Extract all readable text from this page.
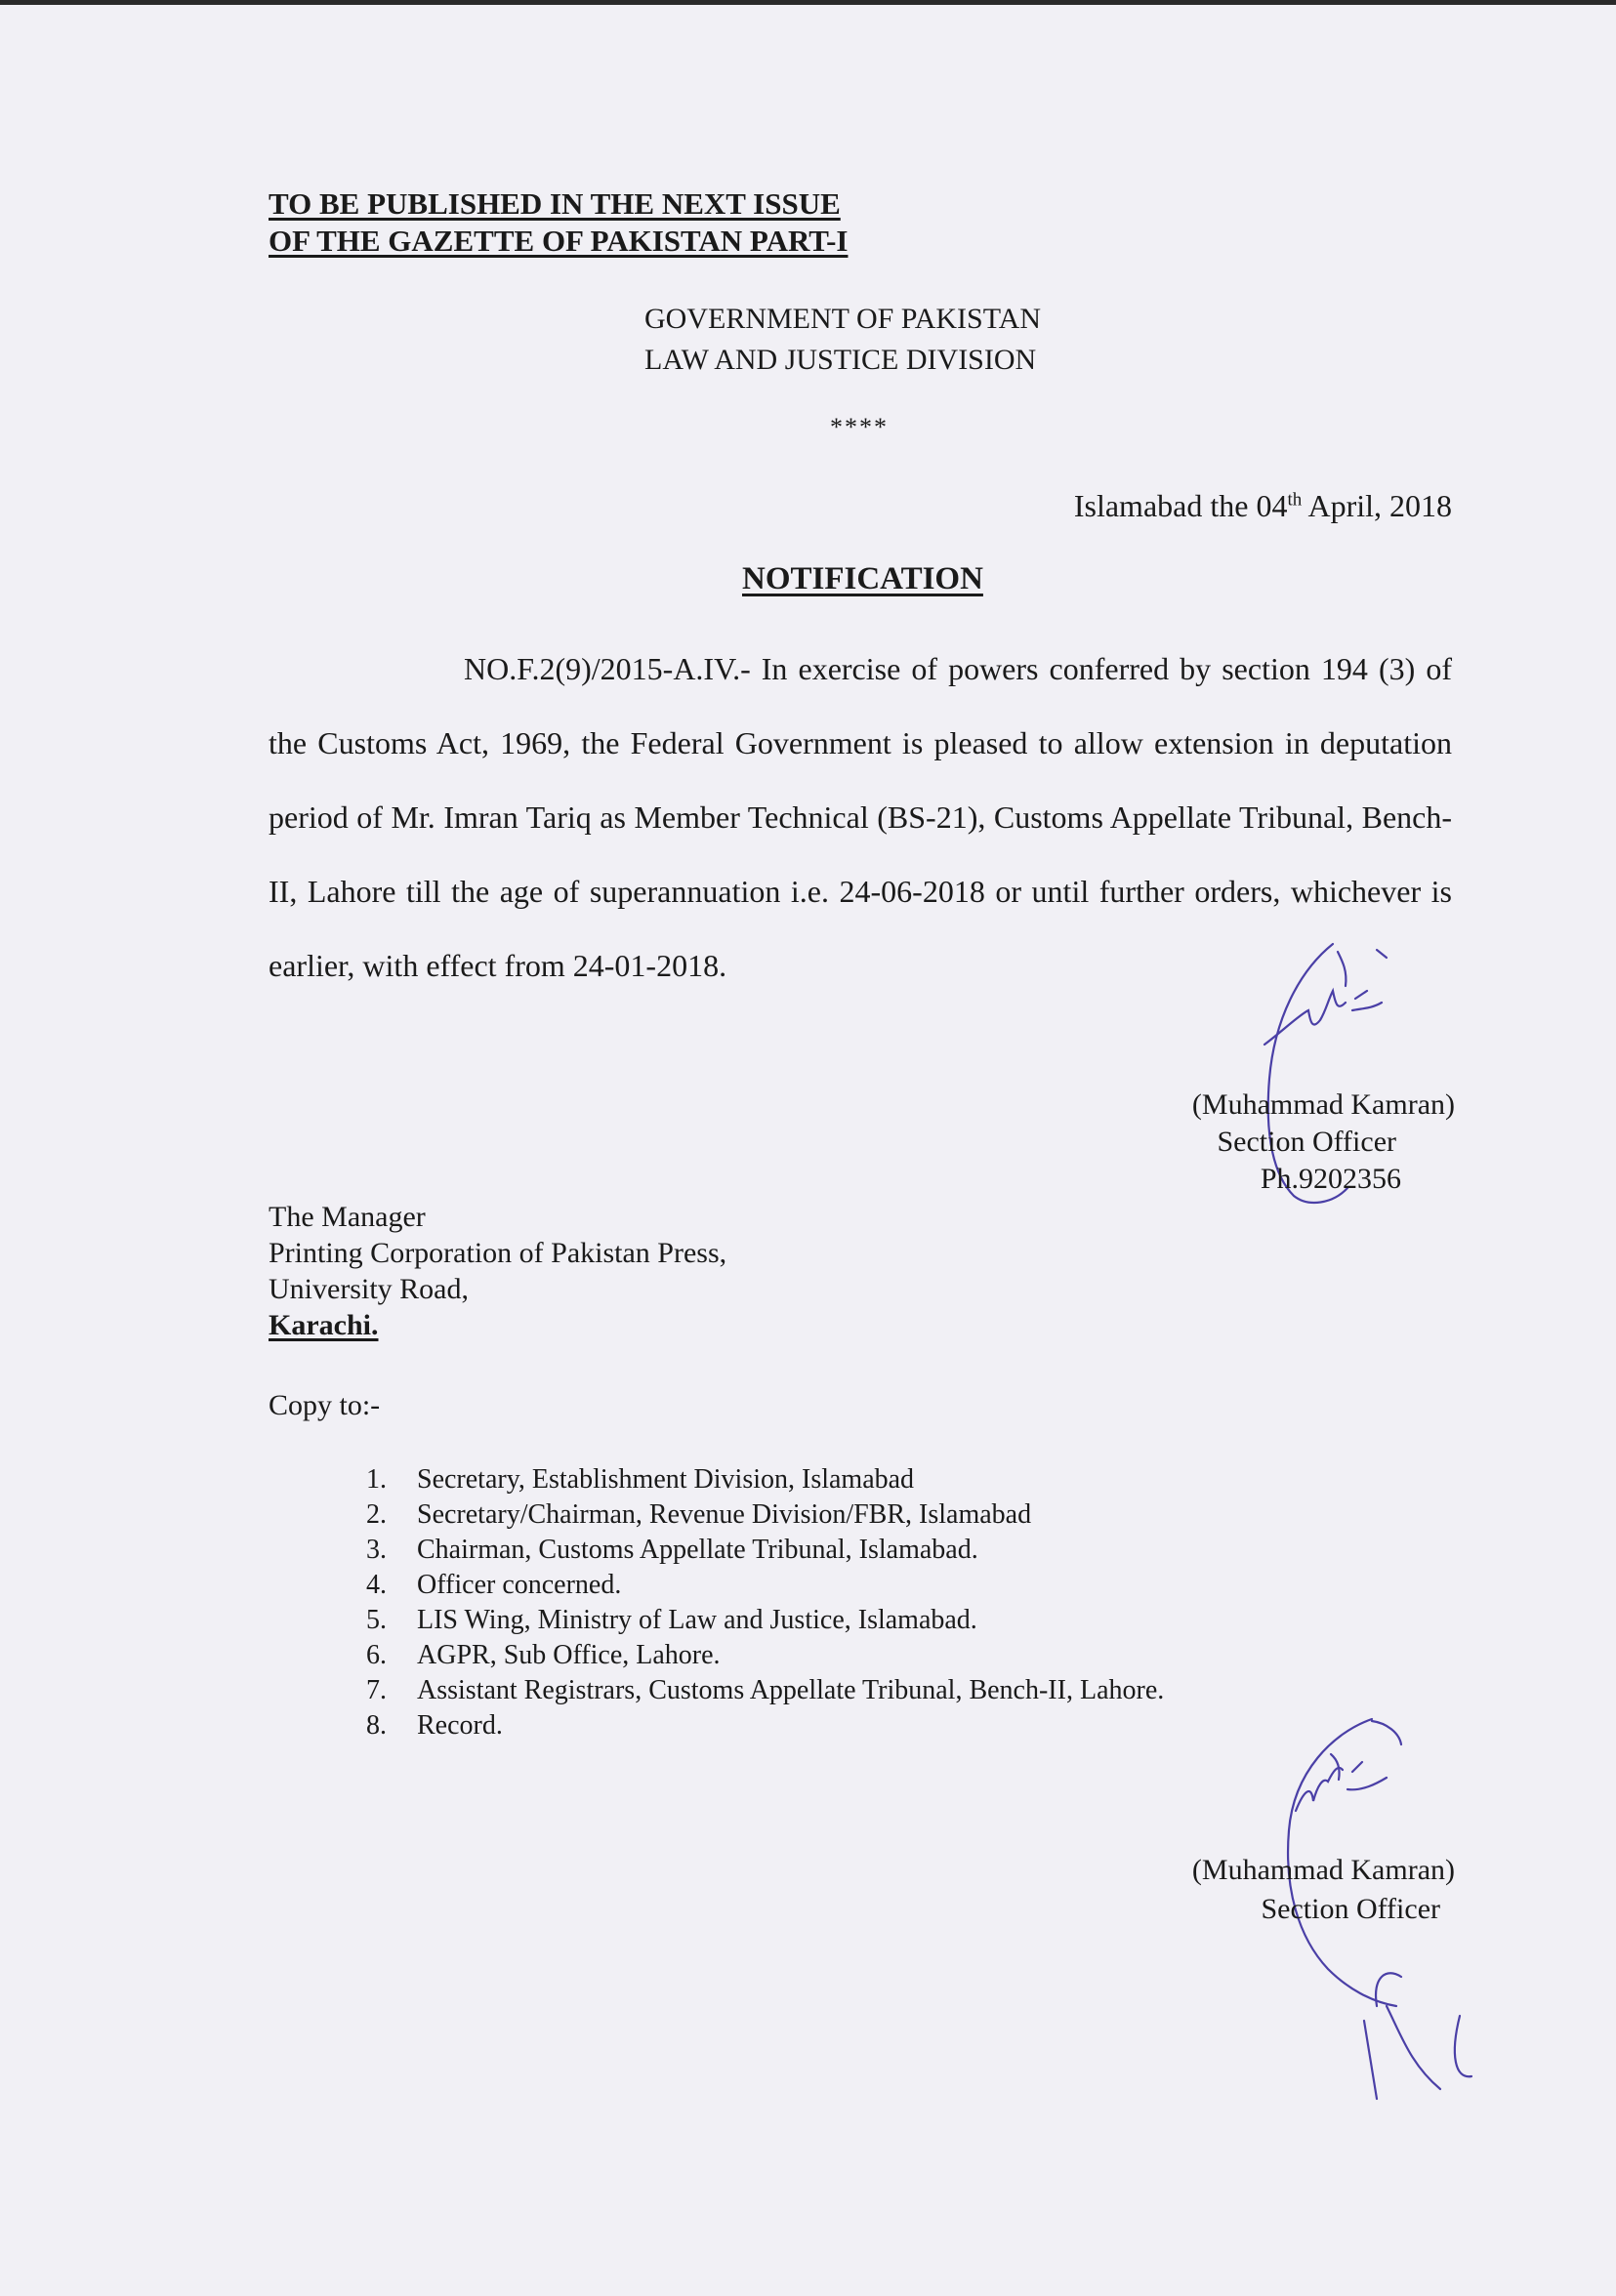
TO BE PUBLISHED IN THE NEXT ISSUE
OF THE GAZETTE OF PAKISTAN PART-I
GOVERNMENT OF PAKISTAN
LAW AND JUSTICE DIVISION
****
Islamabad the 04th April, 2018
NOTIFICATION
NO.F.2(9)/2015-A.IV.- In exercise of powers conferred by section 194 (3) of the Customs Act, 1969, the Federal Government is pleased to allow extension in deputation period of Mr. Imran Tariq as Member Technical (BS-21), Customs Appellate Tribunal, Bench-II, Lahore till the age of superannuation i.e. 24-06-2018 or until further orders, whichever is earlier, with effect from 24-01-2018.
(Muhammad Kamran)
Section Officer
Ph.9202356
The Manager
Printing Corporation of Pakistan Press,
University Road,
Karachi.
Copy to:-
1. Secretary, Establishment Division, Islamabad
2. Secretary/Chairman, Revenue Division/FBR, Islamabad
3. Chairman, Customs Appellate Tribunal, Islamabad.
4. Officer concerned.
5. LIS Wing, Ministry of Law and Justice, Islamabad.
6. AGPR, Sub Office, Lahore.
7. Assistant Registrars, Customs Appellate Tribunal, Bench-II, Lahore.
8. Record.
(Muhammad Kamran)
Section Officer
